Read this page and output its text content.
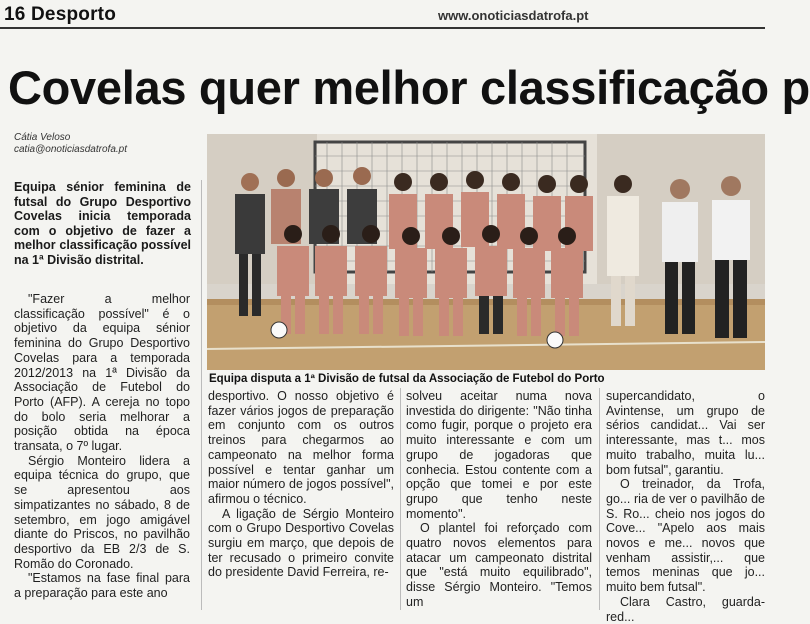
16 Desporto	www.onoticiasdatrofa.pt
Covelas quer melhor classificação p
Cátia Veloso
catia@onoticiasdatrofa.pt
Equipa sénior feminina de futsal do Grupo Desportivo Covelas inicia temporada com o objetivo de fazer a melhor classificação possível na 1ª Divisão distrital.

"Fazer a melhor classificação possível" é o objetivo da equipa sénior feminina do Grupo Desportivo Covelas para a temporada 2012/2013 na 1ª Divisão da Associação de Futebol do Porto (AFP). A cereja no topo do bolo seria melhorar a posição obtida na época transata, o 7º lugar.

Sérgio Monteiro lidera a equipa técnica do grupo, que se apresentou aos simpatizantes no sábado, 8 de setembro, em jogo amigável diante do Priscos, no pavilhão desportivo da EB 2/3 de S. Romão do Coronado.

"Estamos na fase final para a preparação para este ano

Equipa disputa a 1ª Divisão de futsal da Associação de Futebol do Porto

desportivo. O nosso objetivo é fazer vários jogos de preparação em conjunto com os outros treinos para chegarmos ao campeonato na melhor forma possível e tentar ganhar um maior número de jogos possível", afirmou o técnico.

A ligação de Sérgio Monteiro com o Grupo Desportivo Covelas surgiu em março, que depois de ter recusado o primeiro convite do presidente David Ferreira, re-

solveu aceitar numa nova investida do dirigente: "Não tinha como fugir, porque o projeto era muito interessante e com um grupo de jogadoras que conhecia. Estou contente com a opção que tomei e por este grupo que tenho neste momento".

O plantel foi reforçado com quatro novos elementos para atacar um campeonato distrital que "está muito equilibrado", disse Sérgio Monteiro. "Temos um

supercandidato, o Avintense, um grupo de sérios candidat... Vai ser interessante, mas t... mos muito trabalho, muita lu... bom futsal", garantiu.

O treinador, da Trofa, go... ria de ver o pavilhão de S. Ro... cheio nos jogos do Cove... "Apelo aos mais novos e me... novos que venham assistir,... que temos meninas que jo... muito bem futsal".

Clara Castro, guarda-red...
